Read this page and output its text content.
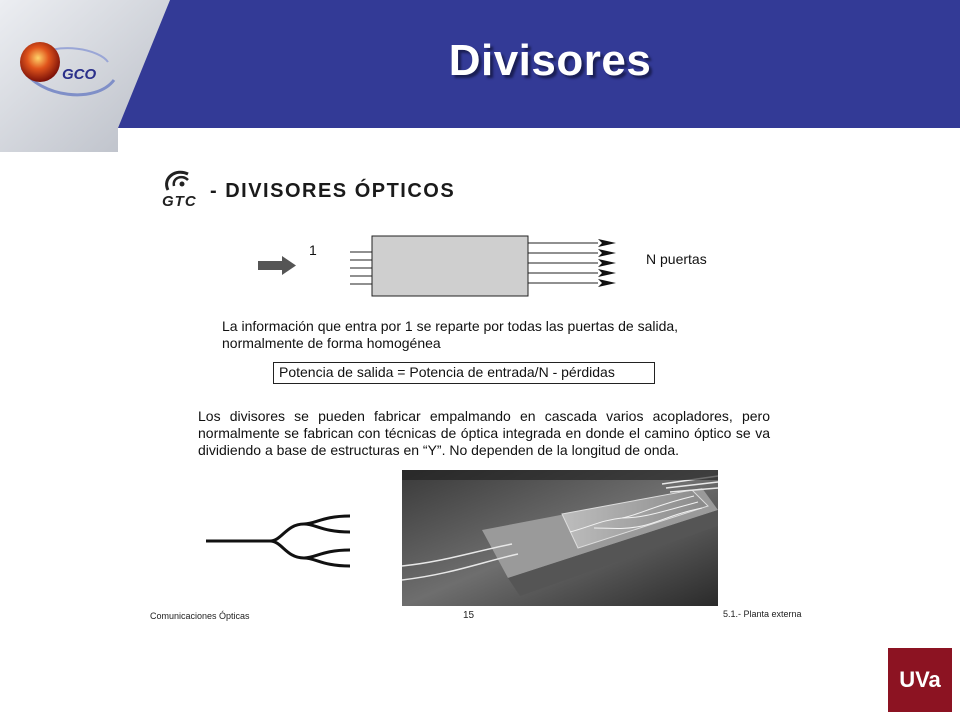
GCO	Divisores
GTC - DIVISORES ÓPTICOS
1
N puertas
La información que entra por 1 se reparte por todas las puertas de salida, normalmente de forma homogénea
Potencia de salida = Potencia de entrada/N - pérdidas
Los divisores se pueden fabricar empalmando en cascada varios acopladores, pero normalmente se fabrican con técnicas de óptica integrada en donde el camino óptico se va dividiendo a base de estructuras en “Y”. No dependen de la longitud de onda.
Comunicaciones Ópticas	15	5.1.- Planta externa
UVa
